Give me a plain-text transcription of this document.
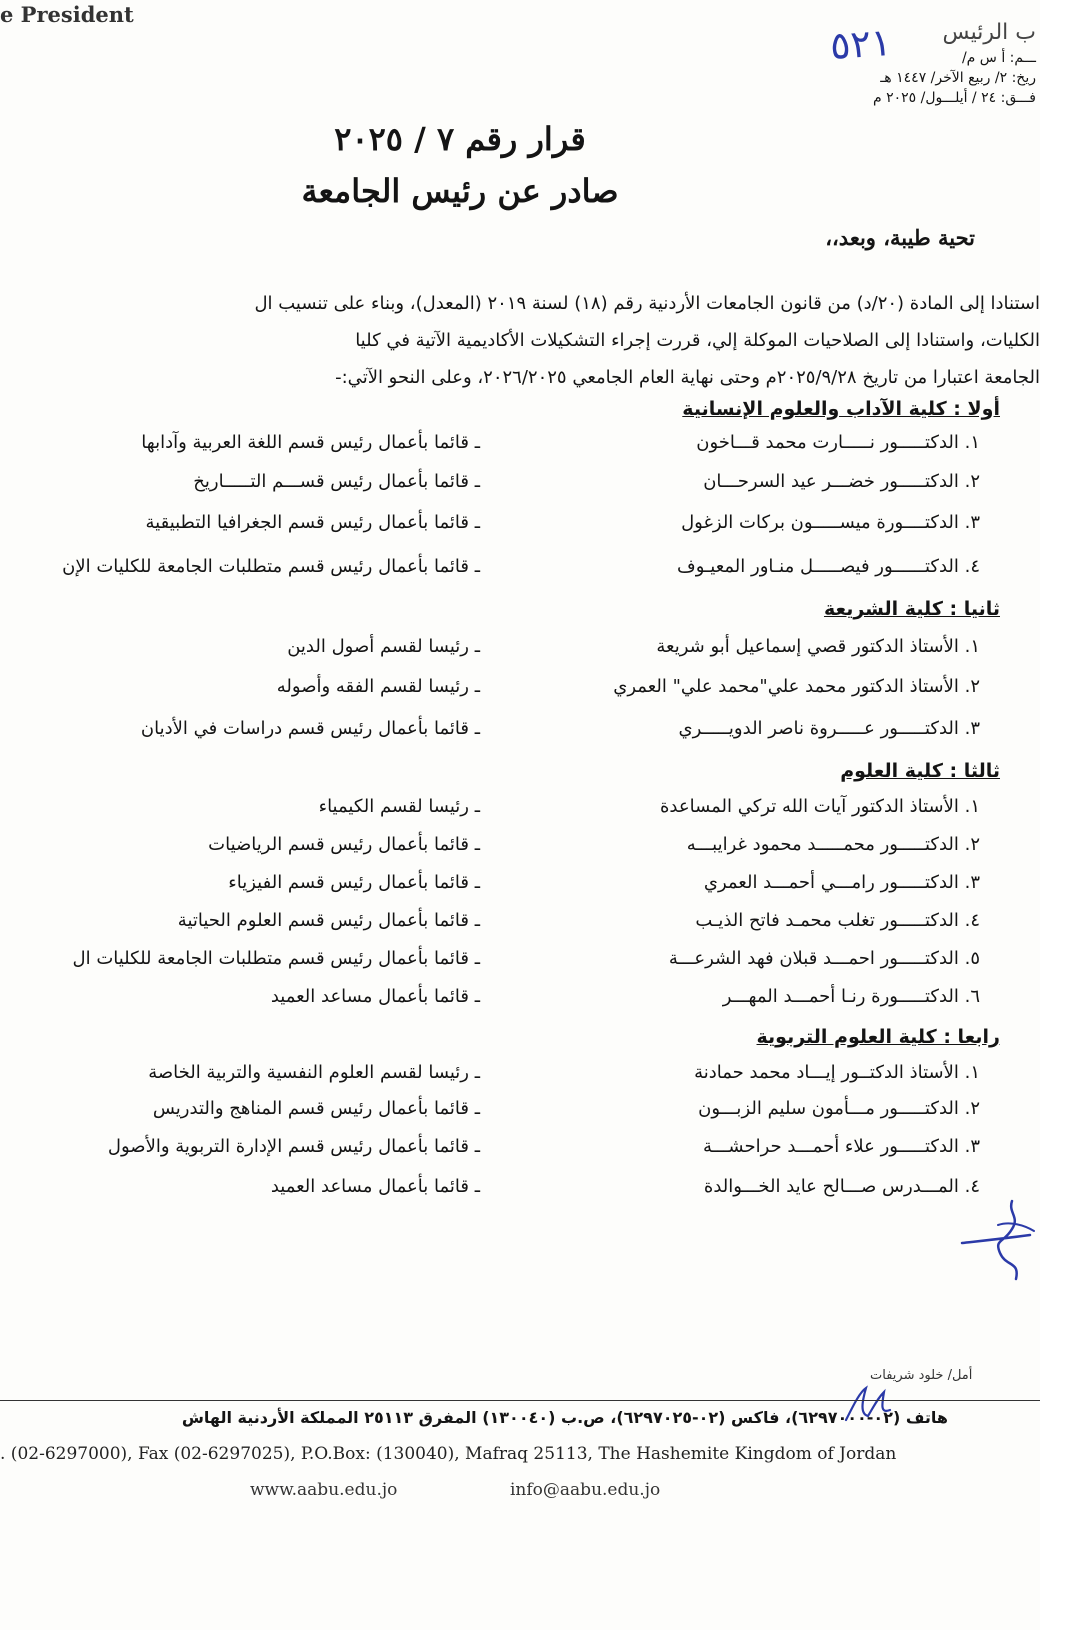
e President
ب الرئيس
ـــم: أ س م/
ريخ: ٢/ ربيع الآخر/ ١٤٤٧ هـ
فـــق: ٢٤ / أيلـــول/ ٢٠٢٥ م
٥٢١
قرار رقم ٧ / ٢٠٢٥
صادر عن رئيس الجامعة
تحية طيبة، وبعد،،
استنادا إلى المادة (٢٠/د) من قانون الجامعات الأردنية رقم (١٨) لسنة ٢٠١٩ (المعدل)، وبناء على تنسيب ال
الكليات، واستنادا إلى الصلاحيات الموكلة إلي، قررت إجراء التشكيلات الأكاديمية الآتية في كليا
الجامعة اعتبارا من تاريخ ٢٠٢٥/٩/٢٨م وحتى نهاية العام الجامعي ٢٠٢٦/٢٠٢٥، وعلى النحو الآتي:-
أولا : كلية الآداب والعلوم الإنسانية
١. الدكتـــــور نـــــارت محمد قـــاخون
ـ قائما بأعمال رئيس قسم اللغة العربية وآدابها
٢. الدكتـــــور خضـــر عيد السرحـــان
ـ قائما بأعمال رئيس قســـم التـــــاريخ
٣. الدكتــــورة ميســـــون بركات الزغول
ـ قائما بأعمال رئيس قسم الجغرافيا التطبيقية
٤. الدكتــــــور فيصـــــل منـاور المعيـوف
ـ قائما بأعمال رئيس قسم متطلبات الجامعة للكليات الإن
ثانيا : كلية الشريعة
١. الأستاذ الدكتور قصي إسماعيل أبو شريعة
ـ رئيسا لقسم أصول الدين
٢. الأستاذ الدكتور محمد علي"محمد علي" العمري
ـ رئيسا لقسم الفقه وأصوله
٣. الدكتـــــور عـــــروة ناصر الدويـــــري
ـ قائما بأعمال رئيس قسم دراسات في الأديان
ثالثا : كلية العلوم
١. الأستاذ الدكتور آيات الله تركي المساعدة
ـ رئيسا لقسم الكيمياء
٢. الدكتـــــور محمـــــد محمود غرايبـــه
ـ قائما بأعمال رئيس قسم الرياضيات
٣. الدكتـــــور رامـــي أحمـــد العمري
ـ قائما بأعمال رئيس قسم الفيزياء
٤. الدكتـــــور تغلب محمـد فاتح الذيـب
ـ قائما بأعمال رئيس قسم العلوم الحياتية
٥. الدكتـــــور احمـــد قبلان فهد الشرعـــة
ـ قائما بأعمال رئيس قسم متطلبات الجامعة للكليات ال
٦. الدكتـــــورة رنـا أحمـــد المهـــر
ـ قائما بأعمال مساعد العميد
رابعا : كلية العلوم التربوية
١. الأستاذ الدكتــور إيـــاد محمد حمادنة
ـ رئيسا لقسم العلوم النفسية والتربية الخاصة
٢. الدكتـــــور مـــأمون سليم الزبـــون
ـ قائما بأعمال رئيس قسم المناهج والتدريس
٣. الدكتـــــور علاء أحمـــد حراحشـــة
ـ قائما بأعمال رئيس قسم الإدارة التربوية والأصول
٤. المـــدرس صـــالح عايد الخـــوالدة
ـ قائما بأعمال مساعد العميد
أمل/ خلود شريفات
هاتف (٠٢-٦٢٩٧٠٠٠)، فاكس (٠٢-٦٢٩٧٠٢٥)، ص.ب (١٣٠٠٤٠) المفرق ٢٥١١٣ المملكة الأردنية الهاش
. (02-6297000), Fax (02-6297025), P.O.Box: (130040), Mafraq 25113, The Hashemite Kingdom of Jordan
www.aabu.edu.jo	info@aabu.edu.jo
